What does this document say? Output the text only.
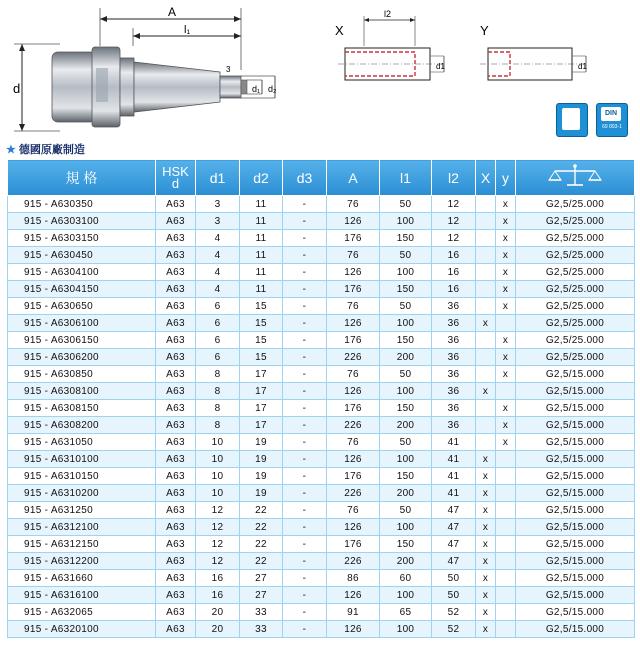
d
A
l₁
d₁ d₂
3
X
l2
d1
Y
d1
DIN
69 893-1
★ 德國原廠制造
規 格	HSK
d	d1	d2	d3	A	l1	l2	X	y	
915 - A630350	A63	3	11	-	76	50	12		x	G2,5/25.000
915 - A6303100	A63	3	11	-	126	100	12		x	G2,5/25.000
915 - A6303150	A63	4	11	-	176	150	12		x	G2,5/25.000
915 - A630450	A63	4	11	-	76	50	16		x	G2,5/25.000
915 - A6304100	A63	4	11	-	126	100	16		x	G2,5/25.000
915 - A6304150	A63	4	11	-	176	150	16		x	G2,5/25.000
915 - A630650	A63	6	15	-	76	50	36		x	G2,5/25.000
915 - A6306100	A63	6	15	-	126	100	36	x		G2,5/25.000
915 - A6306150	A63	6	15	-	176	150	36		x	G2,5/25.000
915 - A6306200	A63	6	15	-	226	200	36		x	G2,5/25.000
915 - A630850	A63	8	17	-	76	50	36		x	G2,5/15.000
915 - A6308100	A63	8	17	-	126	100	36	x		G2,5/15.000
915 - A6308150	A63	8	17	-	176	150	36		x	G2,5/15.000
915 - A6308200	A63	8	17	-	226	200	36		x	G2,5/15.000
915 - A631050	A63	10	19	-	76	50	41		x	G2,5/15.000
915 - A6310100	A63	10	19	-	126	100	41	x		G2,5/15.000
915 - A6310150	A63	10	19	-	176	150	41	x		G2,5/15.000
915 - A6310200	A63	10	19	-	226	200	41	x		G2,5/15.000
915 - A631250	A63	12	22	-	76	50	47	x		G2,5/15.000
915 - A6312100	A63	12	22	-	126	100	47	x		G2,5/15.000
915 - A6312150	A63	12	22	-	176	150	47	x		G2,5/15.000
915 - A6312200	A63	12	22	-	226	200	47	x		G2,5/15.000
915 - A631660	A63	16	27	-	86	60	50	x		G2,5/15.000
915 - A6316100	A63	16	27	-	126	100	50	x		G2,5/15.000
915 - A632065	A63	20	33	-	91	65	52	x		G2,5/15.000
915 - A6320100	A63	20	33	-	126	100	52	x		G2,5/15.000
